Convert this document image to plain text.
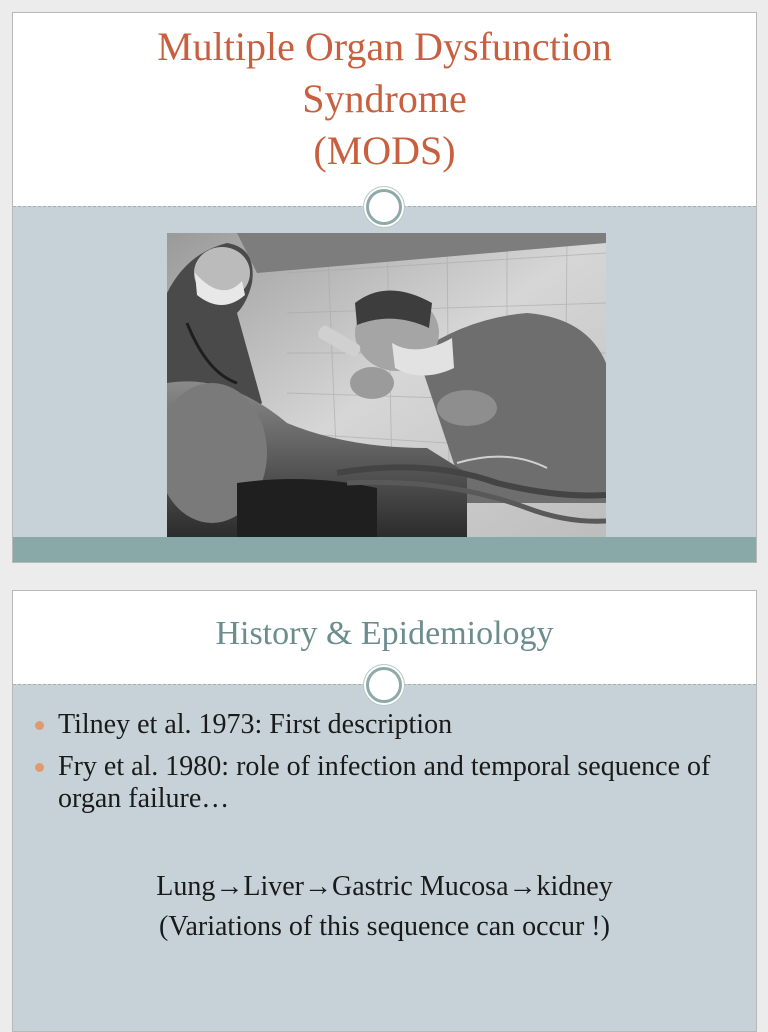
Multiple Organ Dysfunction
Syndrome
(MODS)
History & Epidemiology
Tilney et al. 1973: First description
Fry et al. 1980: role of infection and temporal sequence of organ failure…
Lung→Liver→Gastric Mucosa→kidney
(Variations of this sequence can occur !)
